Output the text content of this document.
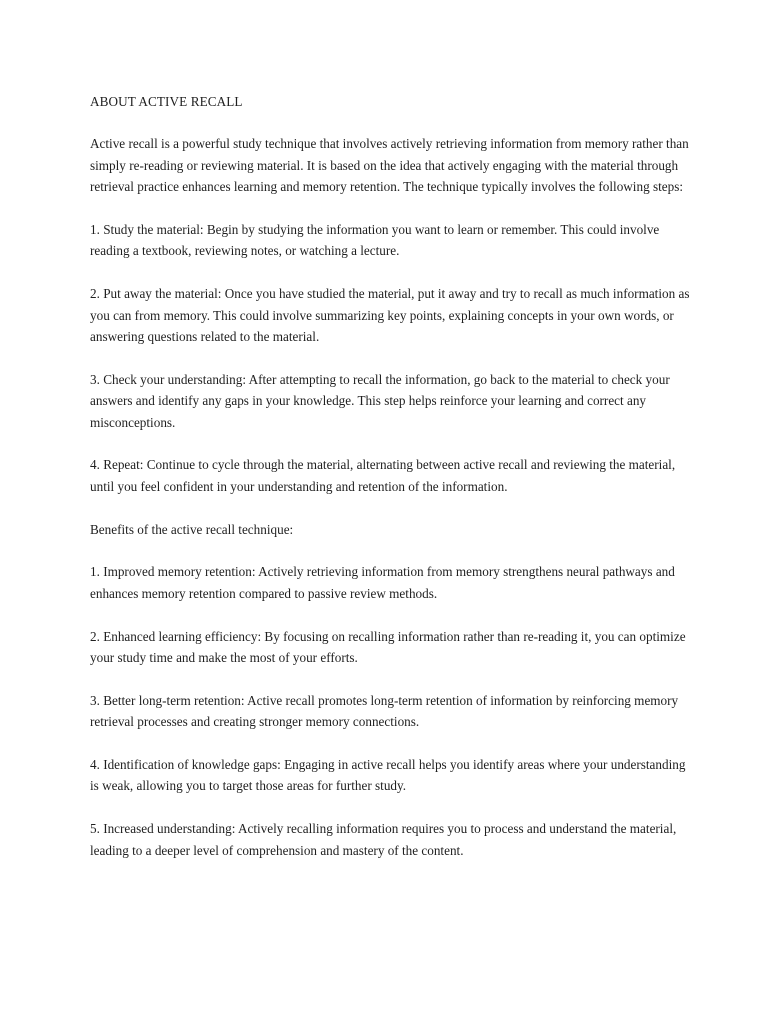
ABOUT ACTIVE RECALL

Active recall is a powerful study technique that involves actively retrieving information from memory rather than simply re-reading or reviewing material. It is based on the idea that actively engaging with the material through retrieval practice enhances learning and memory retention. The technique typically involves the following steps:

1. Study the material: Begin by studying the information you want to learn or remember. This could involve reading a textbook, reviewing notes, or watching a lecture.

2. Put away the material: Once you have studied the material, put it away and try to recall as much information as you can from memory. This could involve summarizing key points, explaining concepts in your own words, or answering questions related to the material.

3. Check your understanding: After attempting to recall the information, go back to the material to check your answers and identify any gaps in your knowledge. This step helps reinforce your learning and correct any misconceptions.

4. Repeat: Continue to cycle through the material, alternating between active recall and reviewing the material, until you feel confident in your understanding and retention of the information.

Benefits of the active recall technique:

1. Improved memory retention: Actively retrieving information from memory strengthens neural pathways and enhances memory retention compared to passive review methods.

2. Enhanced learning efficiency: By focusing on recalling information rather than re-reading it, you can optimize your study time and make the most of your efforts.

3. Better long-term retention: Active recall promotes long-term retention of information by reinforcing memory retrieval processes and creating stronger memory connections.

4. Identification of knowledge gaps: Engaging in active recall helps you identify areas where your understanding is weak, allowing you to target those areas for further study.

5. Increased understanding: Actively recalling information requires you to process and understand the material, leading to a deeper level of comprehension and mastery of the content.
